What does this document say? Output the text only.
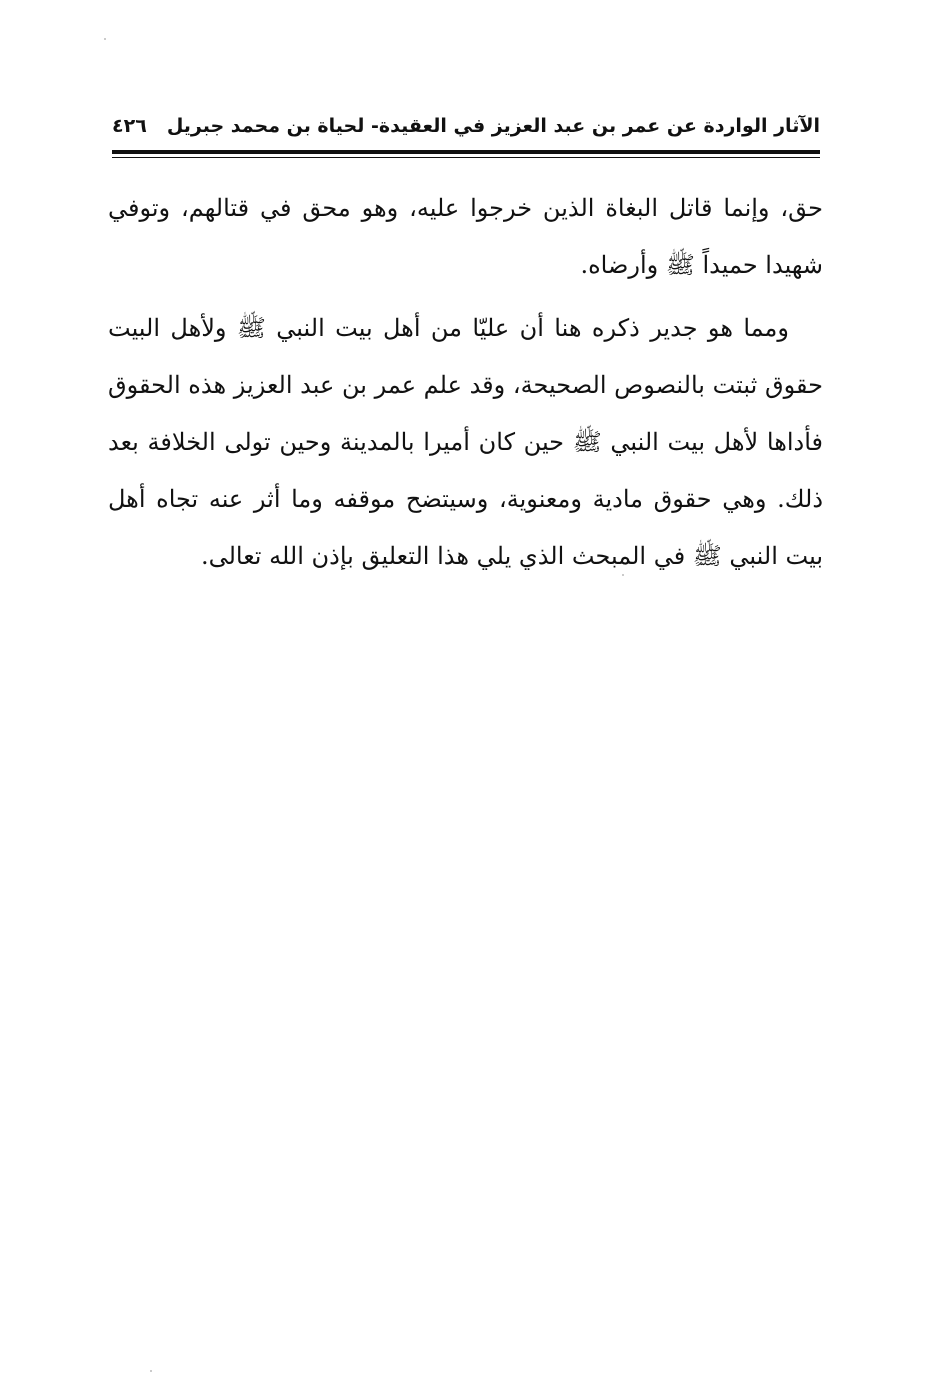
الآثار الواردة عن عمر بن عبد العزيز في العقيدة- لحياة بن محمد جبريل
٤٢٦

حق، وإنما قاتل البغاة الذين خرجوا عليه، وهو محق في قتالهم، وتوفي شهيدا حميداً ﷺ وأرضاه.

ومما هو جدير ذكره هنا أن عليّا من أهل بيت النبي ﷺ ولأهل البيت حقوق ثبتت بالنصوص الصحيحة، وقد علم عمر بن عبد العزيز هذه الحقوق فأداها لأهل بيت النبي ﷺ حين كان أميرا بالمدينة وحين تولى الخلافة بعد ذلك. وهي حقوق مادية ومعنوية، وسيتضح موقفه وما أثر عنه تجاه أهل بيت النبي ﷺ في المبحث الذي يلي هذا التعليق بإذن الله تعالى.
